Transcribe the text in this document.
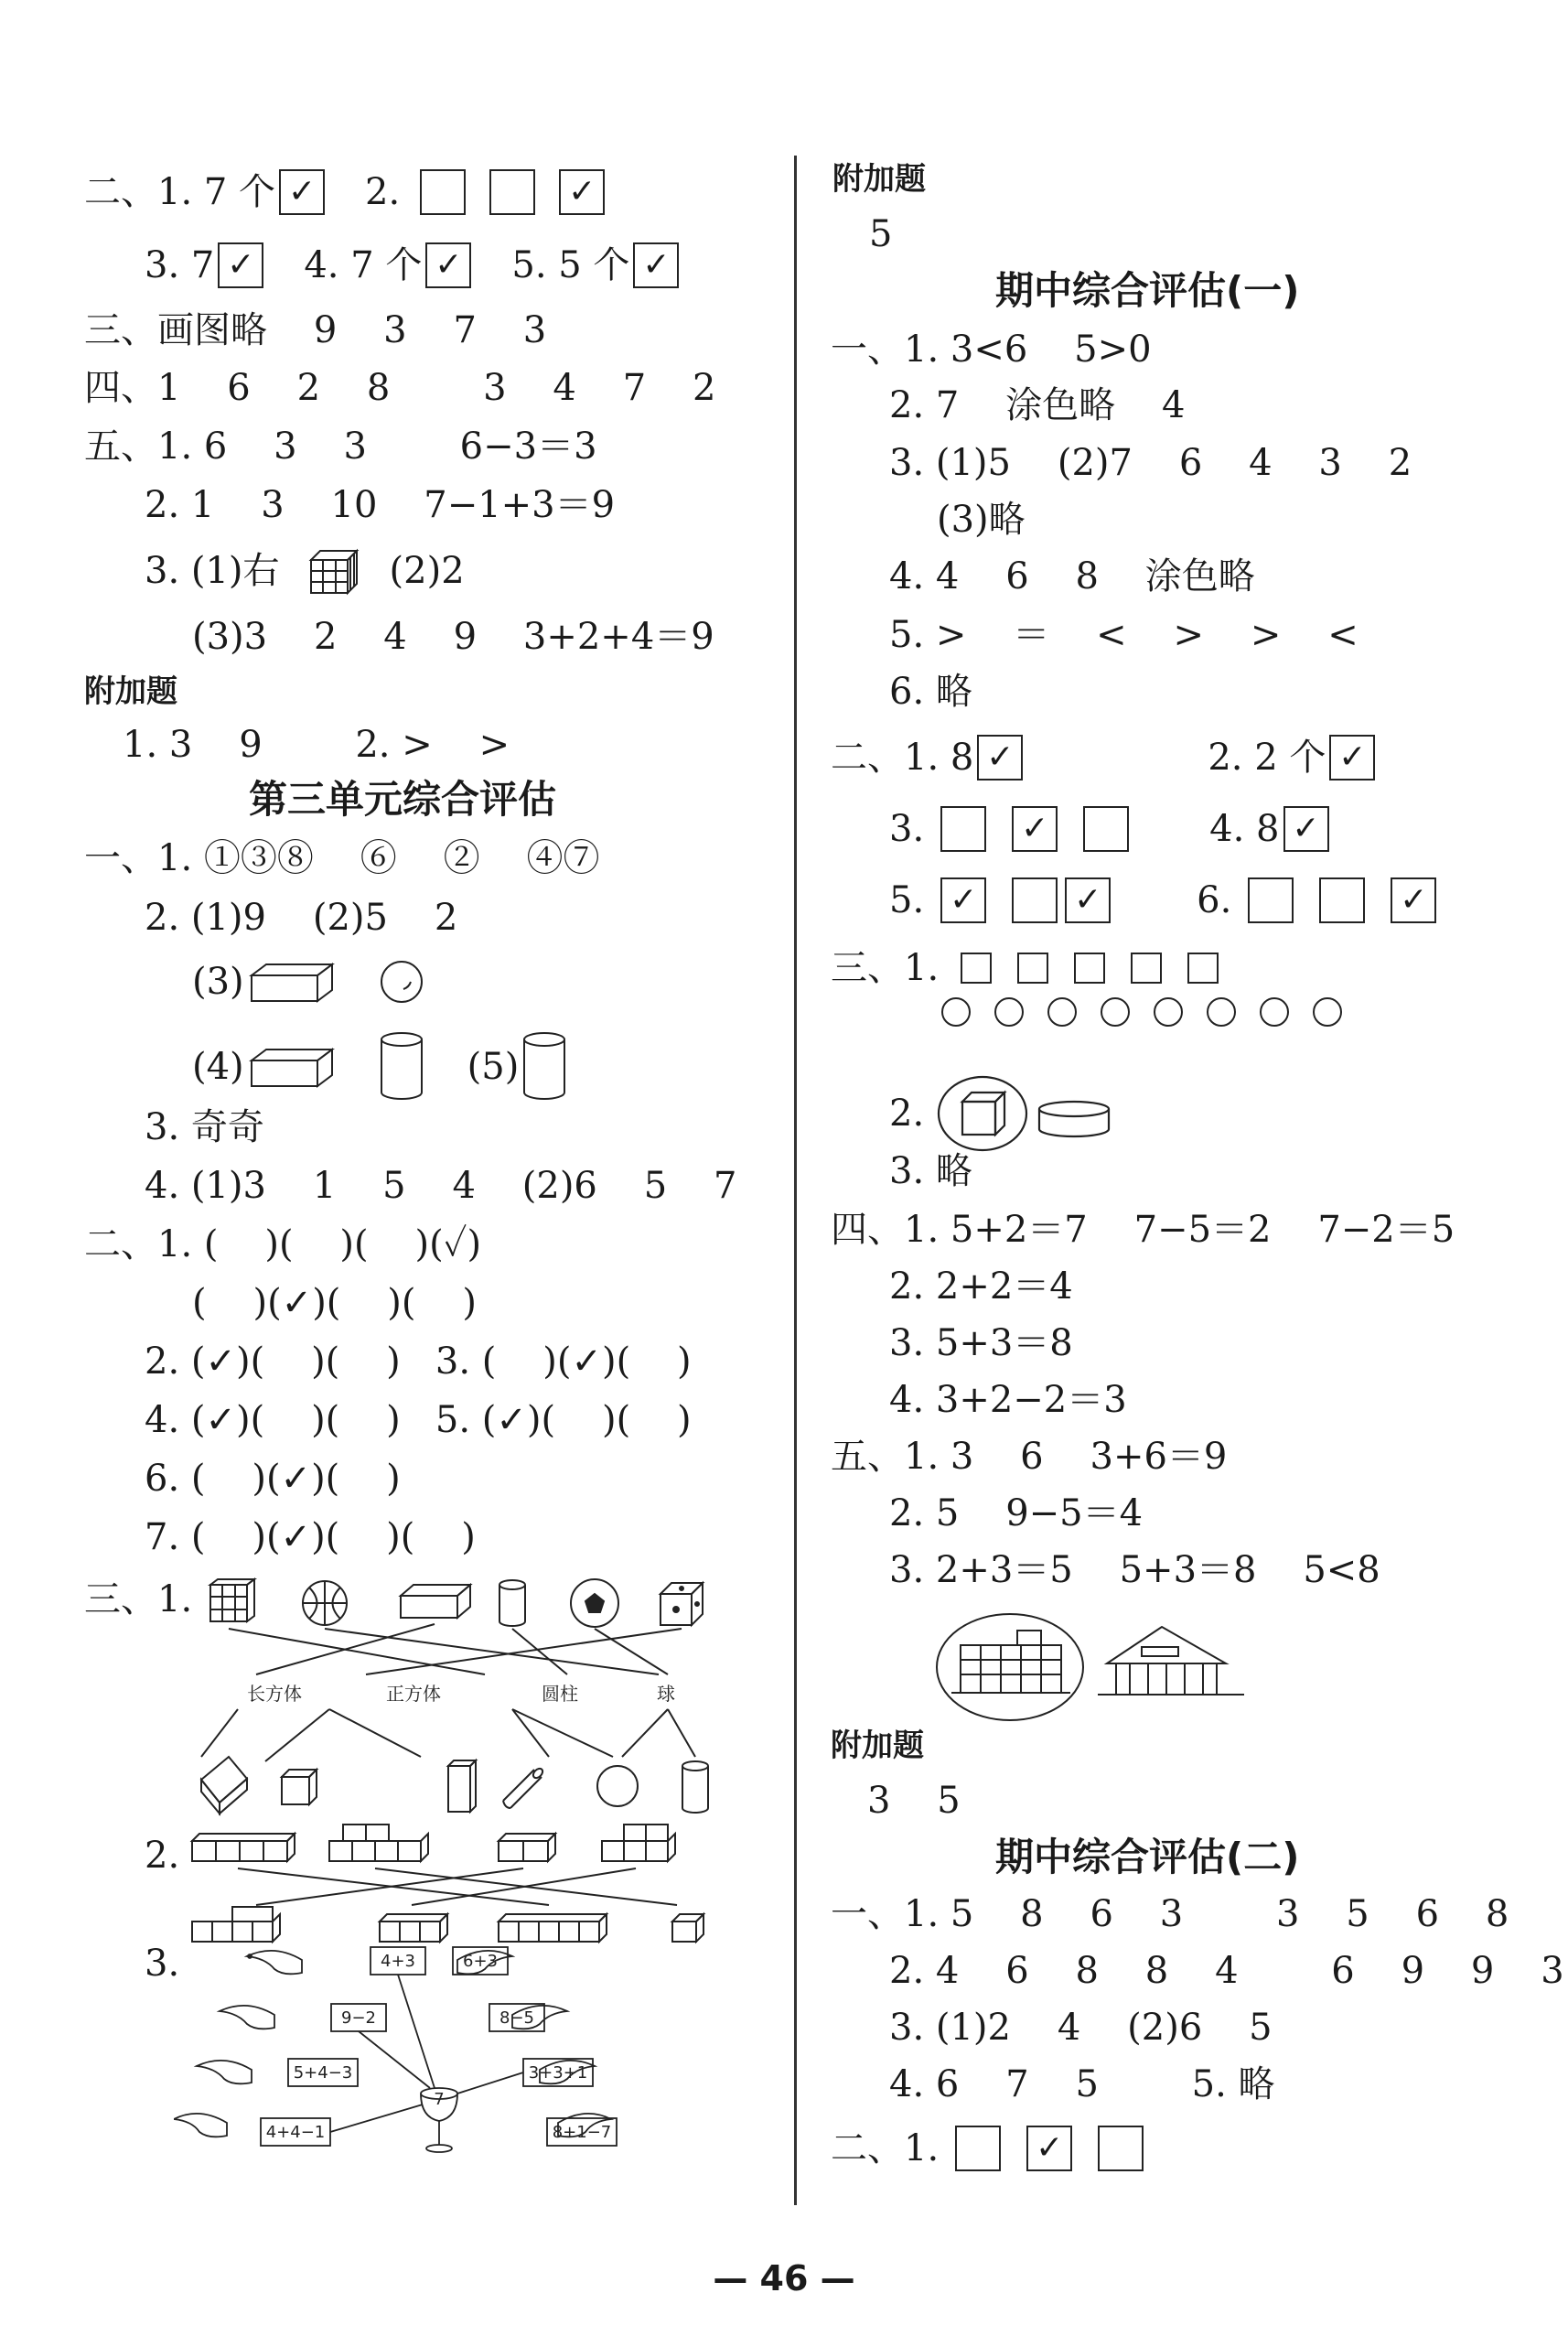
二、1. 7 个 ✓ 2.	✓
3. 7 ✓ 4. 7 个 ✓ 5. 5 个 ✓
三、画图略    9    3    7    3
四、1    6    2    8        3    4    7    2
五、1. 6    3    3        6−3＝3
2. 1    3    10    7−1+3＝9
3. (1)右	(2)2
(3)3    2    4    9    3+2+4＝9
附加题
1. 3    9        2. >    >
第三单元综合评估
一、1. ①③⑧    ⑥    ②    ④⑦
2. (1)9    (2)5    2
(3)
(4)	(5)
3. 奇奇
4. (1)3    1    5    4    (2)6    5    7
二、1. (    )(    )(    )(✓)
(    )(✓)(    )(    )
2. (✓)(    )(    )   3. (    )(✓)(    )
4. (✓)(    )(    )   5. (✓)(    )(    )
6. (    )(✓)(    )
7. (    )(✓)(    )(    )
三、1.
长方体	正方体	圆柱	球
2.
3.	4+3	6+3
9−2	8−5
5+4−3	3+3+1
4+4−1	8+1−7
7
附加题
5
期中综合评估(一)
一、1. 3<6    5>0
2. 7    涂色略    4
3. (1)5    (2)7    6    4    3    2
(3)略
4. 4    6    8    涂色略
5. >    ＝    <    >    >    <
6. 略
二、1. 8 ✓	2. 2 个 ✓
3.	✓	4. 8 ✓
5. ✓	✓	6.	✓
三、1.
2.
3. 略
四、1. 5+2＝7    7−5＝2    7−2＝5
2. 2+2＝4
3. 5+3＝8
4. 3+2−2＝3
五、1. 3    6    3+6＝9
2. 5    9−5＝4
3. 2+3＝5    5+3＝8    5<8
附加题
3    5
期中综合评估(二)
一、1. 5    8    6    3        3    5    6    8
2. 4    6    8    8    4        6    9    9    3
3. (1)2    4    (2)6    5
4. 6    7    5        5. 略
二、1.	✓
— 46 —
